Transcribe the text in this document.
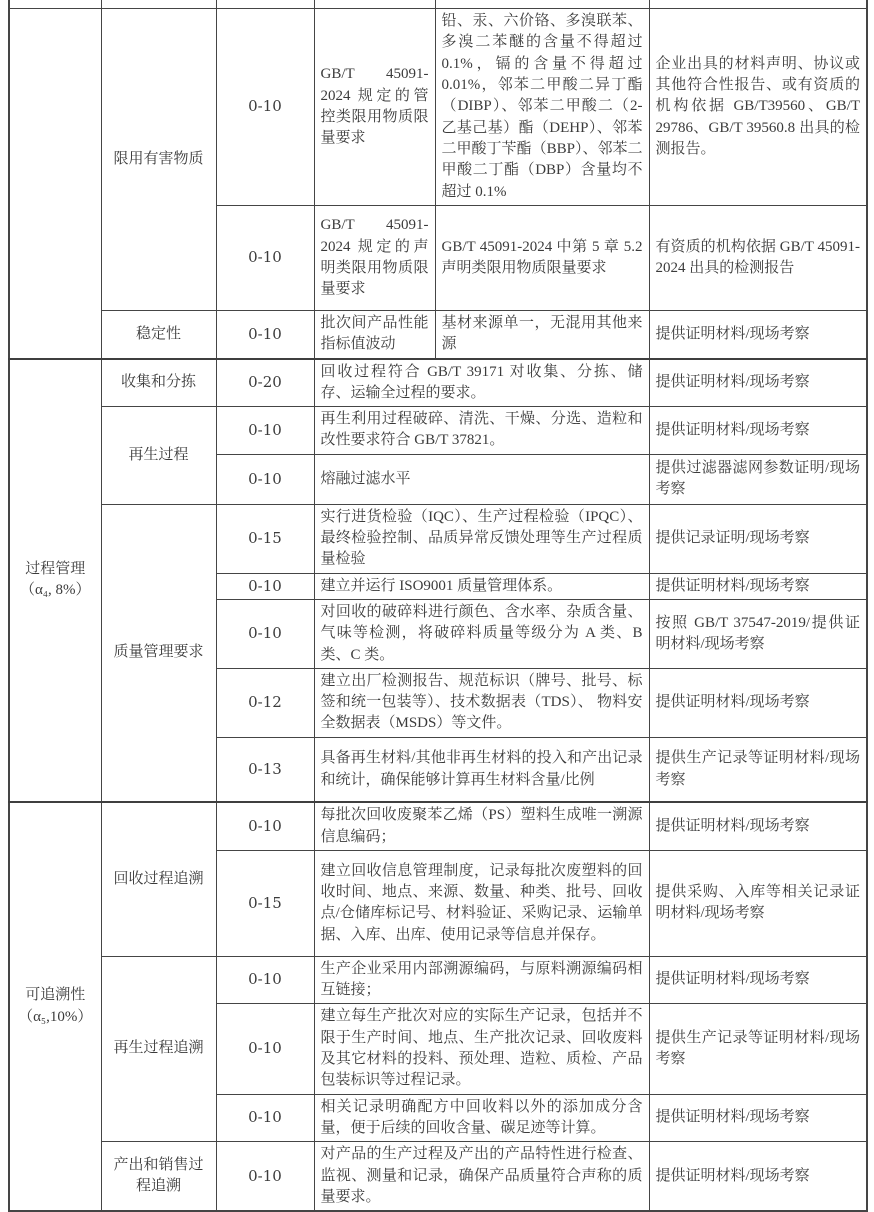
	限用有害物质	0-10	GB/T 45091-2024 规定的管控类限用物质限量要求	铅、汞、六价铬、多溴联苯、多溴二苯醚的含量不得超过 0.1%，镉的含量不得超过 0.01%，邻苯二甲酸二异丁酯（DIBP）、邻苯二甲酸二（2-乙基己基）酯（DEHP）、邻苯二甲酸丁苄酯（BBP）、邻苯二甲酸二丁酯（DBP）含量均不超过 0.1%	企业出具的材料声明、协议或其他符合性报告、或有资质的机构依据 GB/T39560、GB/T 29786、GB/T 39560.8 出具的检测报告。
		0-10	GB/T 45091-2024 规定的声明类限用物质限量要求	GB/T 45091-2024 中第 5 章 5.2 声明类限用物质限量要求	有资质的机构依据 GB/T 45091-2024 出具的检测报告
	稳定性	0-10	批次间产品性能指标值波动	基材来源单一，无混用其他来源	提供证明材料/现场考察

过程管理
（α₄, 8%）	收集和分拣	0-20	回收过程符合 GB/T 39171 对收集、分拣、储存、运输全过程的要求。		提供证明材料/现场考察
	再生过程	0-10	再生利用过程破碎、清洗、干燥、分选、造粒和改性要求符合 GB/T 37821。		提供证明材料/现场考察
		0-10	熔融过滤水平		提供过滤器滤网参数证明/现场考察
	质量管理要求	0-15	实行进货检验（IQC）、生产过程检验（IPQC）、最终检验控制、品质异常反馈处理等生产过程质量检验		提供记录证明/现场考察
		0-10	建立并运行 ISO9001 质量管理体系。		提供证明材料/现场考察
		0-10	对回收的破碎料进行颜色、含水率、杂质含量、气味等检测，将破碎料质量等级分为 A 类、B 类、C 类。		按照 GB/T 37547-2019/提供证明材料/现场考察
		0-12	建立出厂检测报告、规范标识（牌号、批号、标签和统一包装等）、技术数据表（TDS）、 物料安全数据表（MSDS）等文件。		提供证明材料/现场考察
		0-13	具备再生材料/其他非再生材料的投入和产出记录和统计，确保能够计算再生材料含量/比例		提供生产记录等证明材料/现场考察

可追溯性
（α₅,10%）	回收过程追溯	0-10	每批次回收废聚苯乙烯（PS）塑料生成唯一溯源信息编码；		提供证明材料/现场考察
		0-15	建立回收信息管理制度，记录每批次废塑料的回收时间、地点、来源、数量、种类、批号、回收点/仓储库标记号、材料验证、采购记录、运输单据、入库、出库、使用记录等信息并保存。		提供采购、入库等相关记录证明材料/现场考察
	再生过程追溯	0-10	生产企业采用内部溯源编码，与原料溯源编码相互链接；		提供证明材料/现场考察
		0-10	建立每生产批次对应的实际生产记录，包括并不限于生产时间、地点、生产批次记录、回收废料及其它材料的投料、预处理、造粒、质检、产品包装标识等过程记录。		提供生产记录等证明材料/现场考察
		0-10	相关记录明确配方中回收料以外的添加成分含量，便于后续的回收含量、碳足迹等计算。		提供证明材料/现场考察
	产出和销售过程追溯	0-10	对产品的生产过程及产出的产品特性进行检查、监视、测量和记录，确保产品质量符合声称的质量要求。		提供证明材料/现场考察
